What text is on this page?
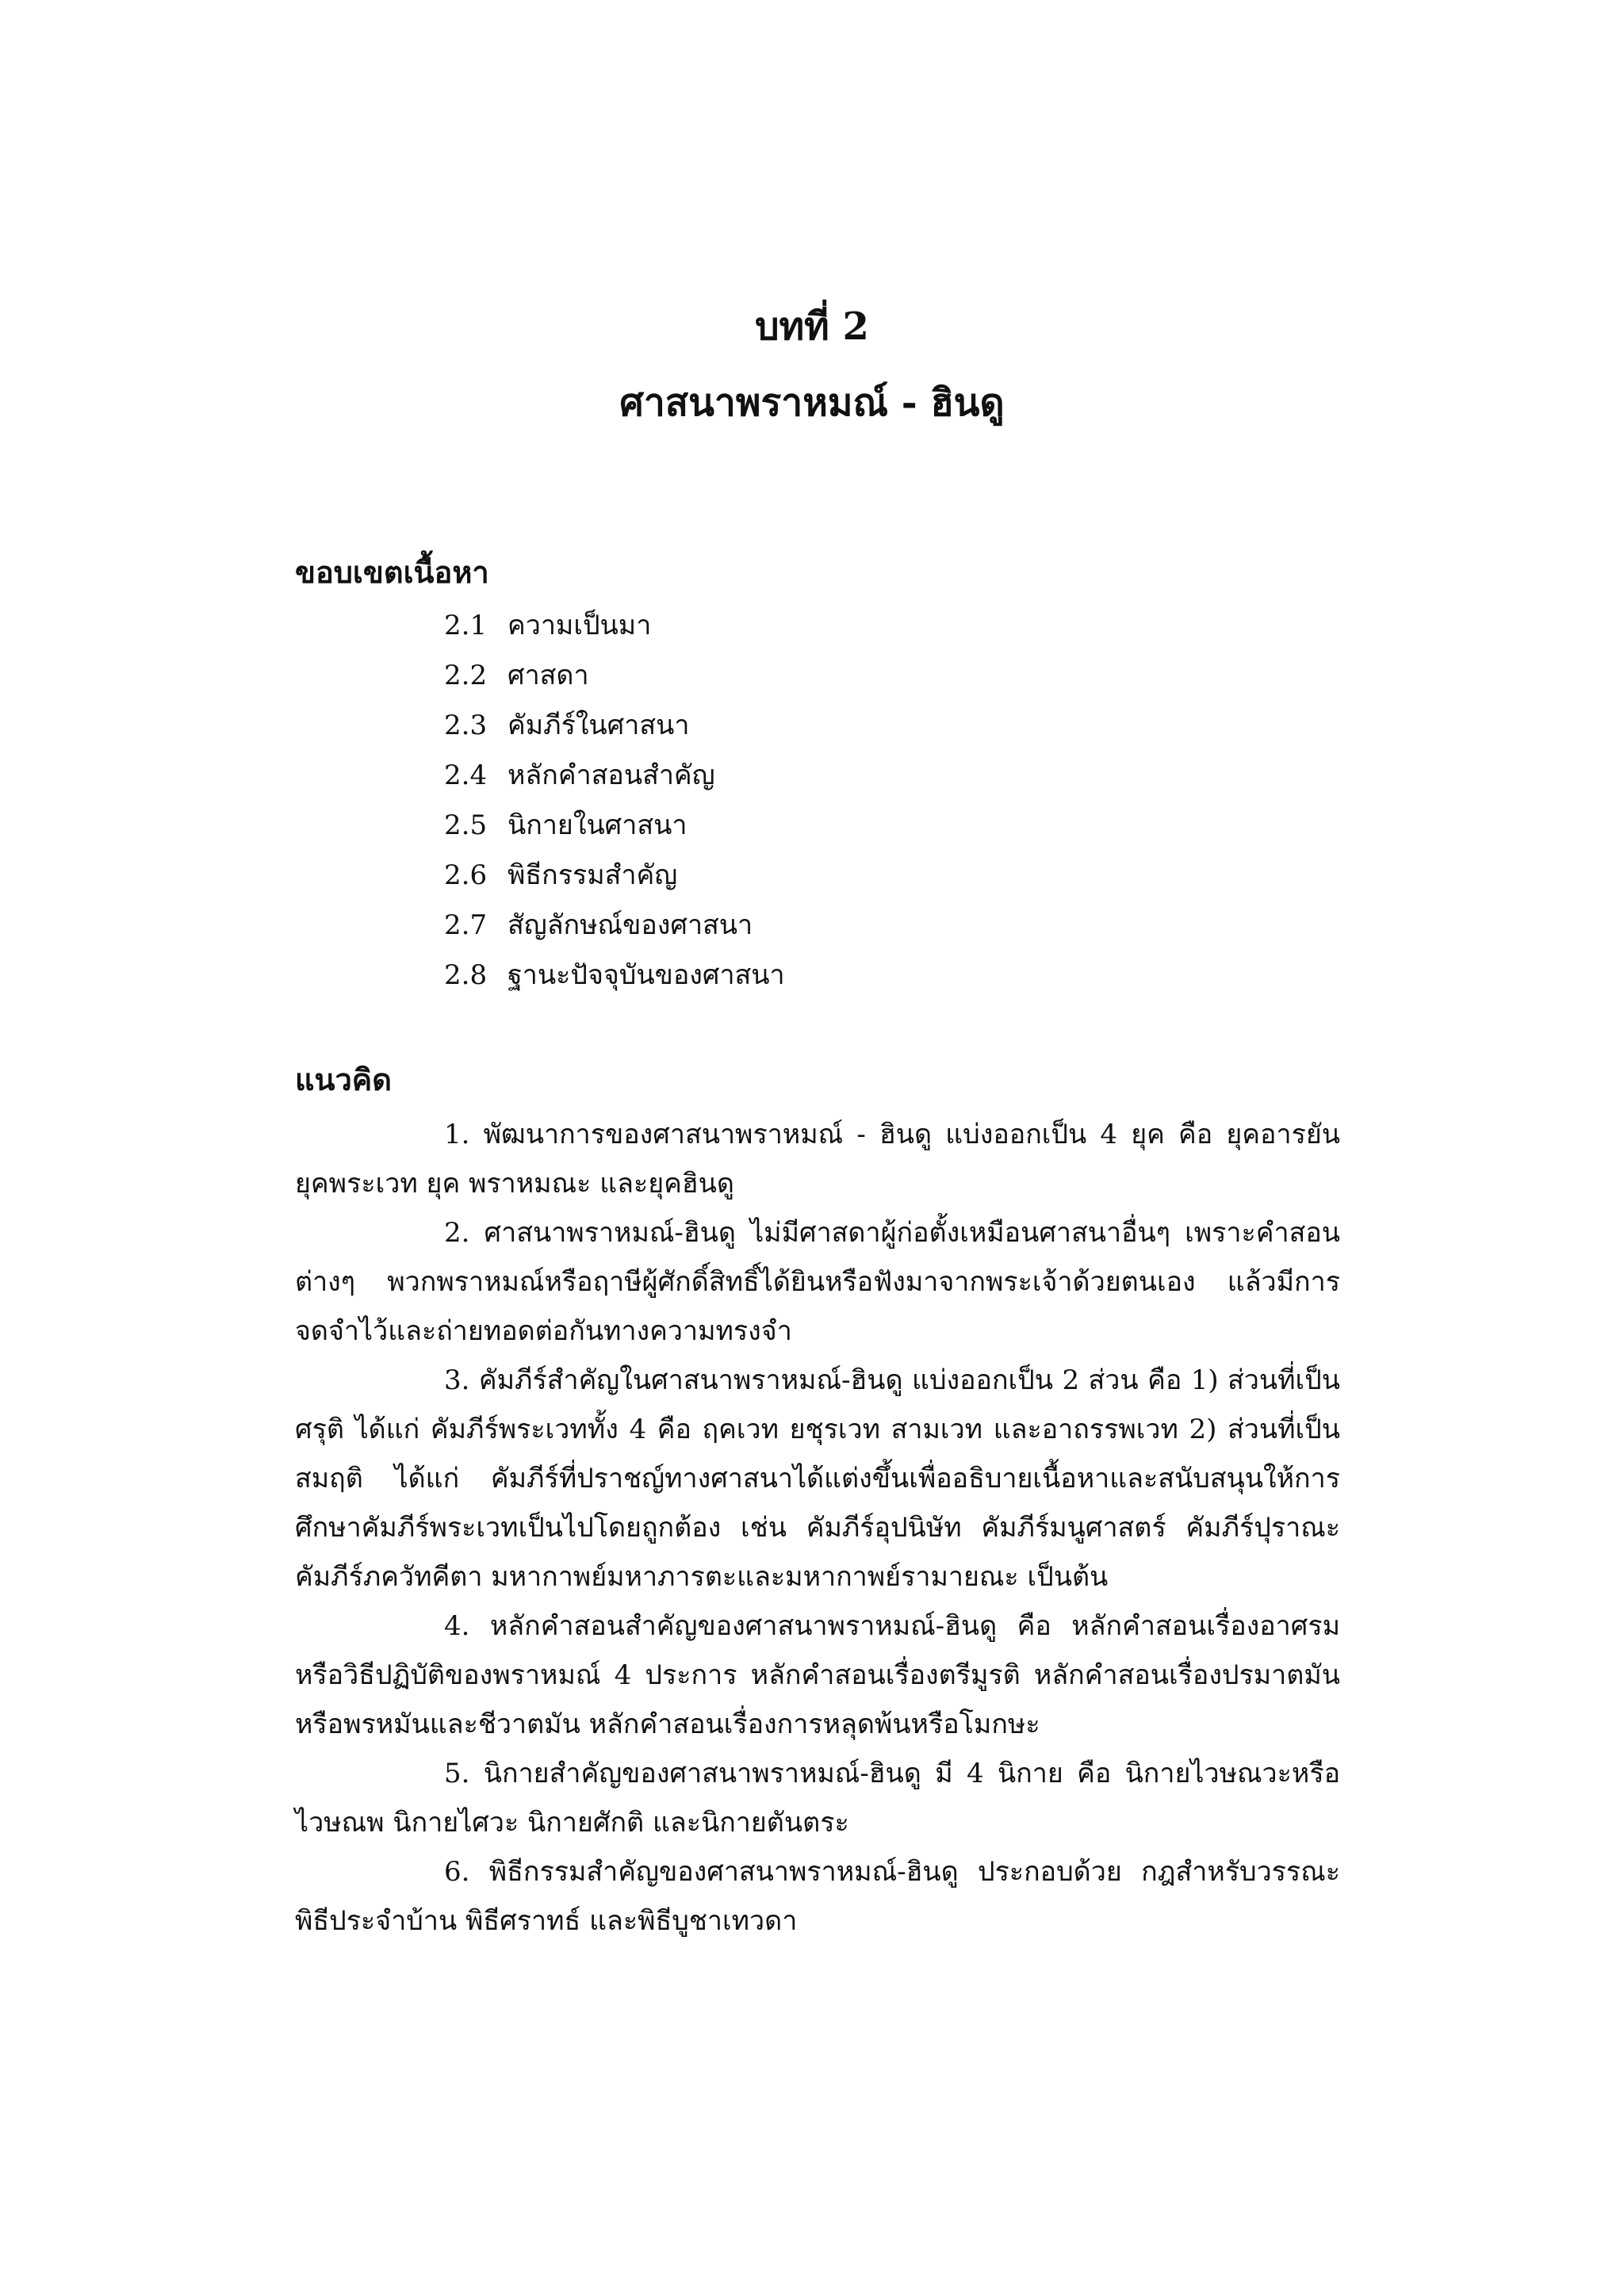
บทที่ 2
ศาสนาพราหมณ์ - ฮินดู
ขอบเขตเนื้อหา
2.1 ความเป็นมา
2.2 ศาสดา
2.3 คัมภีร์ในศาสนา
2.4 หลักคำสอนสำคัญ
2.5 นิกายในศาสนา
2.6 พิธีกรรมสำคัญ
2.7 สัญลักษณ์ของศาสนา
2.8 ฐานะปัจจุบันของศาสนา
แนวคิด

1. พัฒนาการของศาสนาพราหมณ์ - ฮินดู แบ่งออกเป็น 4 ยุค คือ ยุคอารยัน ยุคพระเวท ยุค พราหมณะ และยุคฮินดู

2. ศาสนาพราหมณ์-ฮินดู ไม่มีศาสดาผู้ก่อตั้งเหมือนศาสนาอื่นๆ เพราะคำสอนต่างๆ พวกพราหมณ์หรือฤาษีผู้ศักดิ์สิทธิ์ได้ยินหรือฟังมาจากพระเจ้าด้วยตนเอง แล้วมีการจดจำไว้และถ่ายทอดต่อกันทางความทรงจำ

3. คัมภีร์สำคัญในศาสนาพราหมณ์-ฮินดู แบ่งออกเป็น 2 ส่วน คือ 1) ส่วนที่เป็นศรุติ ได้แก่ คัมภีร์พระเวททั้ง 4 คือ ฤคเวท ยชุรเวท สามเวท และอาถรรพเวท 2) ส่วนที่เป็นสมฤติ ได้แก่ คัมภีร์ที่ปราชญ์ทางศาสนาได้แต่งขึ้นเพื่ออธิบายเนื้อหาและสนับสนุนให้การศึกษาคัมภีร์พระเวทเป็นไปโดยถูกต้อง เช่น คัมภีร์อุปนิษัท คัมภีร์มนูศาสตร์ คัมภีร์ปุราณะ คัมภีร์ภควัทคีตา มหากาพย์มหาภารตะและมหากาพย์รามายณะ เป็นต้น

4. หลักคำสอนสำคัญของศาสนาพราหมณ์-ฮินดู คือ หลักคำสอนเรื่องอาศรม หรือวิธีปฏิบัติของพราหมณ์ 4 ประการ หลักคำสอนเรื่องตรีมูรติ หลักคำสอนเรื่องปรมาตมัน หรือพรหมันและชีวาตมัน หลักคำสอนเรื่องการหลุดพ้นหรือโมกษะ

5. นิกายสำคัญของศาสนาพราหมณ์-ฮินดู มี 4 นิกาย คือ นิกายไวษณวะหรือไวษณพ นิกายไศวะ นิกายศักติ และนิกายตันตระ

6. พิธีกรรมสำคัญของศาสนาพราหมณ์-ฮินดู ประกอบด้วย กฎสำหรับวรรณะ พิธีประจำบ้าน พิธีศราทธ์ และพิธีบูชาเทวดา
